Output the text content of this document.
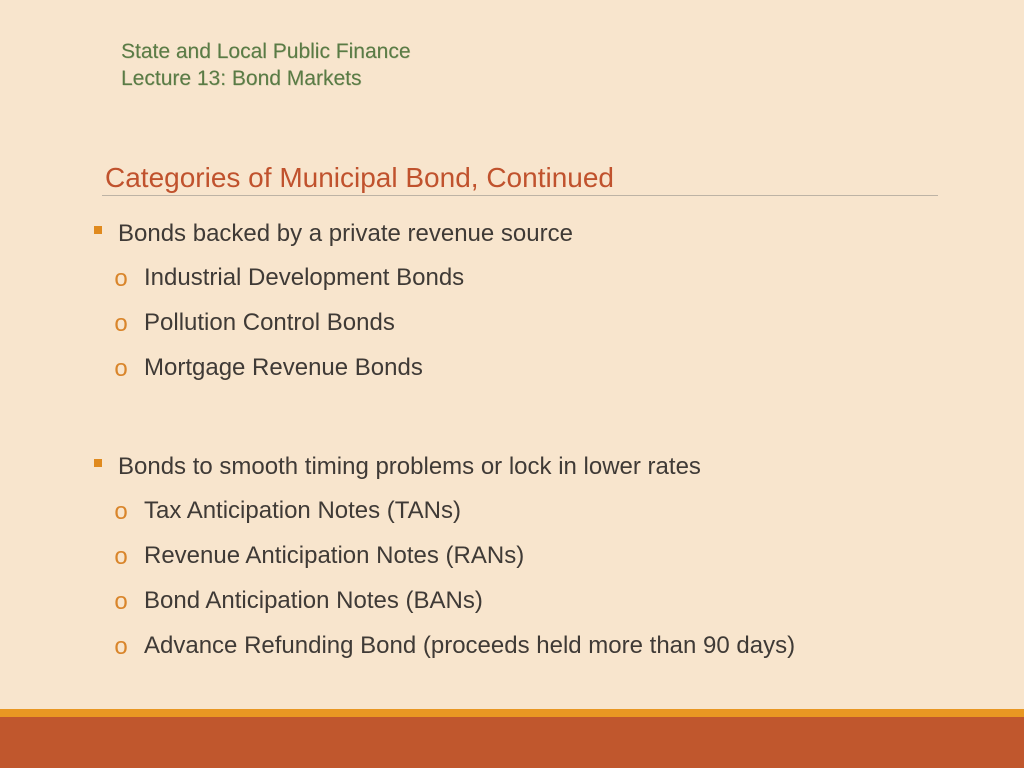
State and Local Public Finance
Lecture 13: Bond Markets
Categories of Municipal Bond, Continued
Bonds backed by a private revenue source
o Industrial Development Bonds
o Pollution Control Bonds
o Mortgage Revenue Bonds
Bonds to smooth timing problems or lock in lower rates
o Tax Anticipation Notes (TANs)
o Revenue Anticipation Notes (RANs)
o Bond Anticipation Notes (BANs)
o Advance Refunding Bond (proceeds held more than 90 days)
